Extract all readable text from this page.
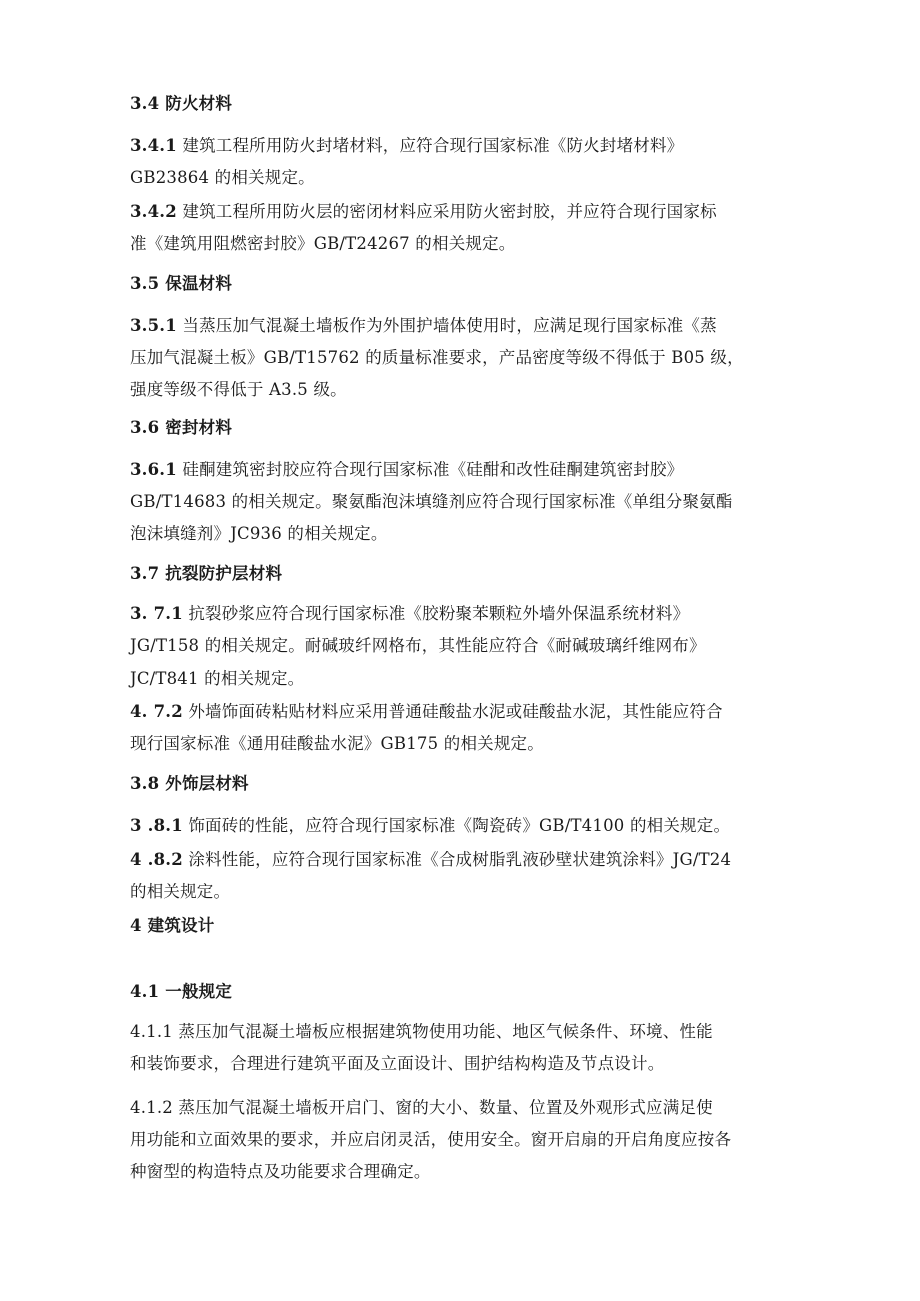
3.4 防火材料
3.4.1 建筑工程所用防火封堵材料，应符合现行国家标准《防火封堵材料》
GB23864 的相关规定。
3.4.2 建筑工程所用防火层的密闭材料应采用防火密封胶，并应符合现行国家标
准《建筑用阻燃密封胶》GB/T24267 的相关规定。
3.5 保温材料
3.5.1 当蒸压加气混凝土墙板作为外围护墙体使用时，应满足现行国家标准《蒸
压加气混凝土板》GB/T15762 的质量标准要求，产品密度等级不得低于 B05 级，
强度等级不得低于 A3.5 级。
3.6 密封材料
3.6.1 硅酮建筑密封胶应符合现行国家标准《硅酣和改性硅酮建筑密封胶》
GB/T14683 的相关规定。聚氨酯泡沫填缝剂应符合现行国家标准《单组分聚氨酯
泡沫填缝剂》JC936 的相关规定。
3.7 抗裂防护层材料
3. 7.1 抗裂砂浆应符合现行国家标准《胶粉聚苯颗粒外墙外保温系统材料》
JG/T158 的相关规定。耐碱玻纤网格布，其性能应符合《耐碱玻璃纤维网布》
JC/T841 的相关规定。
4. 7.2 外墙饰面砖粘贴材料应采用普通硅酸盐水泥或硅酸盐水泥，其性能应符合
现行国家标准《通用硅酸盐水泥》GB175 的相关规定。
3.8 外饰层材料
3 .8.1 饰面砖的性能，应符合现行国家标准《陶瓷砖》GB/T4100 的相关规定。
4 .8.2 涂料性能，应符合现行国家标准《合成树脂乳液砂壁状建筑涂料》JG/T24
的相关规定。
4 建筑设计
4.1 一般规定
4.1.1 蒸压加气混凝土墙板应根据建筑物使用功能、地区气候条件、环境、性能
和装饰要求，合理进行建筑平面及立面设计、围护结构构造及节点设计。
4.1.2 蒸压加气混凝土墙板开启门、窗的大小、数量、位置及外观形式应满足使
用功能和立面效果的要求，并应启闭灵活，使用安全。窗开启扇的开启角度应按各
种窗型的构造特点及功能要求合理确定。
